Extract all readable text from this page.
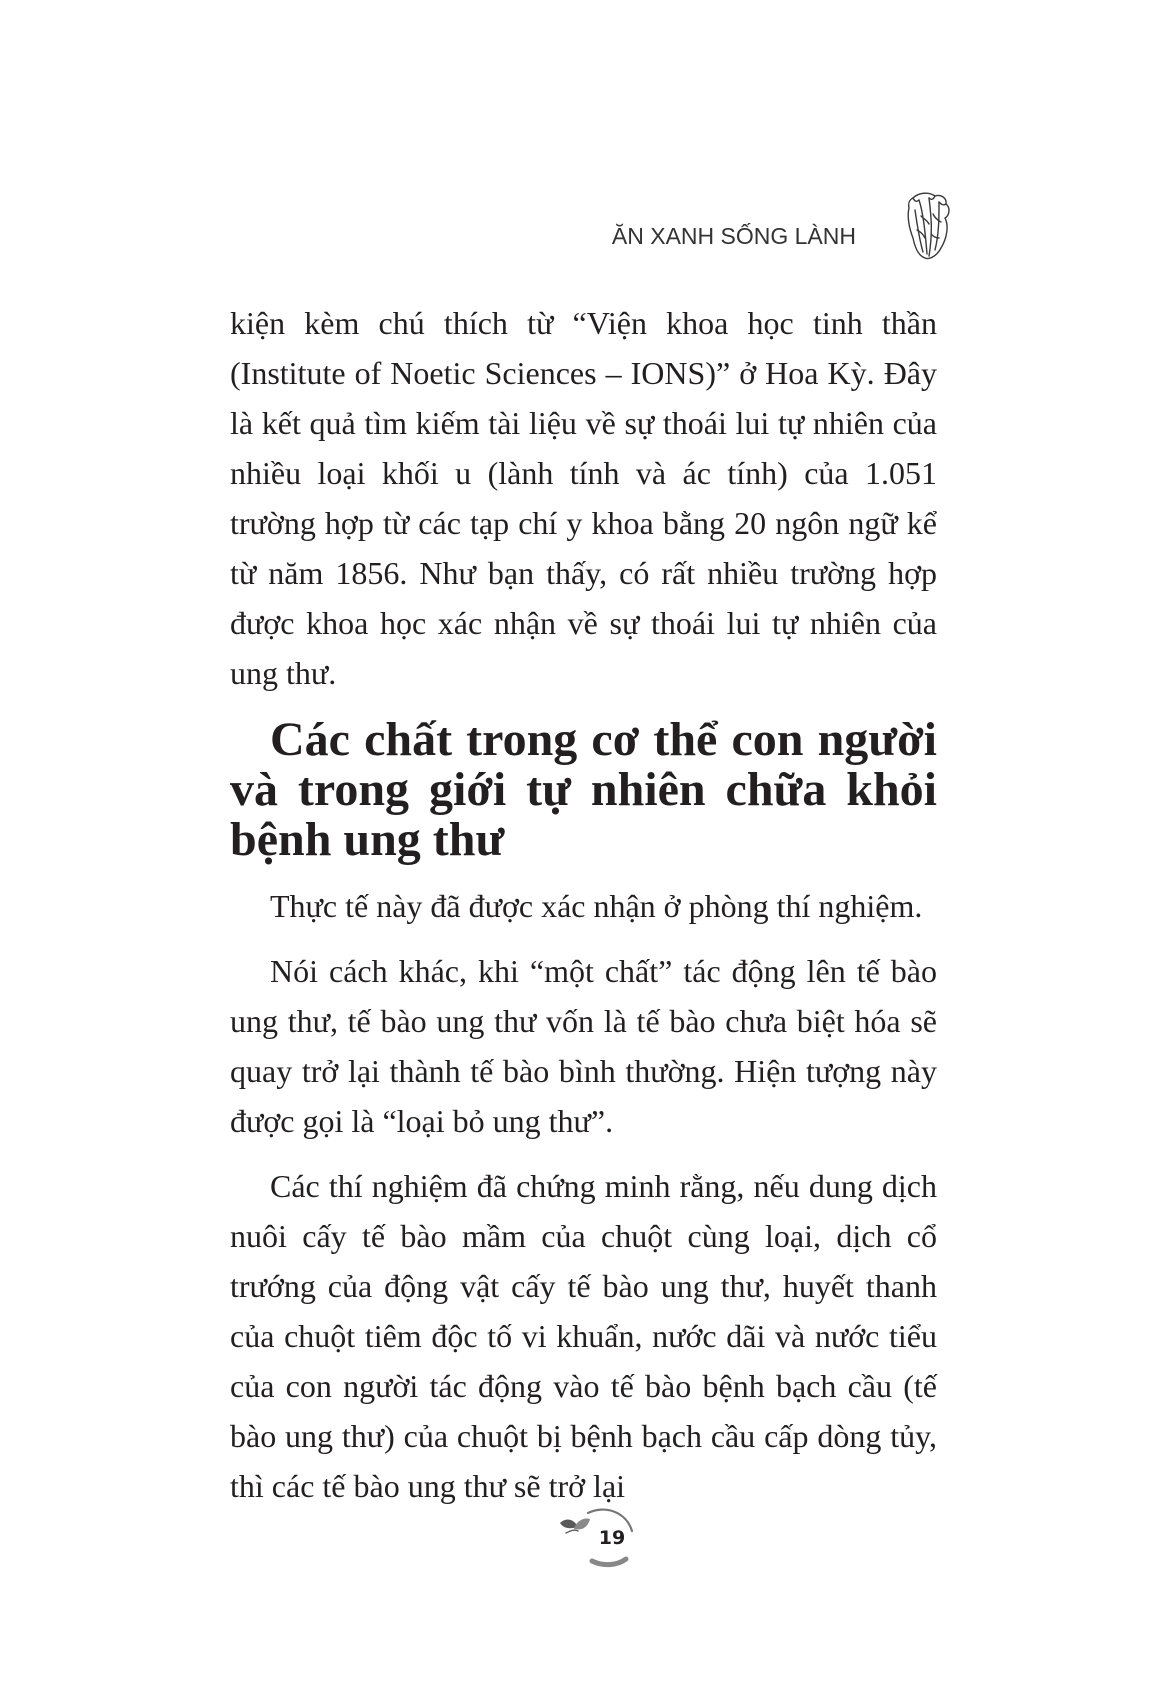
ĂN XANH SỐNG LÀNH

kiện kèm chú thích từ “Viện khoa học tinh thần (Institute of Noetic Sciences – IONS)” ở Hoa Kỳ. Đây là kết quả tìm kiếm tài liệu về sự thoái lui tự nhiên của nhiều loại khối u (lành tính và ác tính) của 1.051 trường hợp từ các tạp chí y khoa bằng 20 ngôn ngữ kể từ năm 1856. Như bạn thấy, có rất nhiều trường hợp được khoa học xác nhận về sự thoái lui tự nhiên của ung thư.

Các chất trong cơ thể con người và trong giới tự nhiên chữa khỏi bệnh ung thư

Thực tế này đã được xác nhận ở phòng thí nghiệm.

Nói cách khác, khi “một chất” tác động lên tế bào ung thư, tế bào ung thư vốn là tế bào chưa biệt hóa sẽ quay trở lại thành tế bào bình thường. Hiện tượng này được gọi là “loại bỏ ung thư”.

Các thí nghiệm đã chứng minh rằng, nếu dung dịch nuôi cấy tế bào mầm của chuột cùng loại, dịch cổ trướng của động vật cấy tế bào ung thư, huyết thanh của chuột tiêm độc tố vi khuẩn, nước dãi và nước tiểu của con người tác động vào tế bào bệnh bạch cầu (tế bào ung thư) của chuột bị bệnh bạch cầu cấp dòng tủy, thì các tế bào ung thư sẽ trở lại

19
